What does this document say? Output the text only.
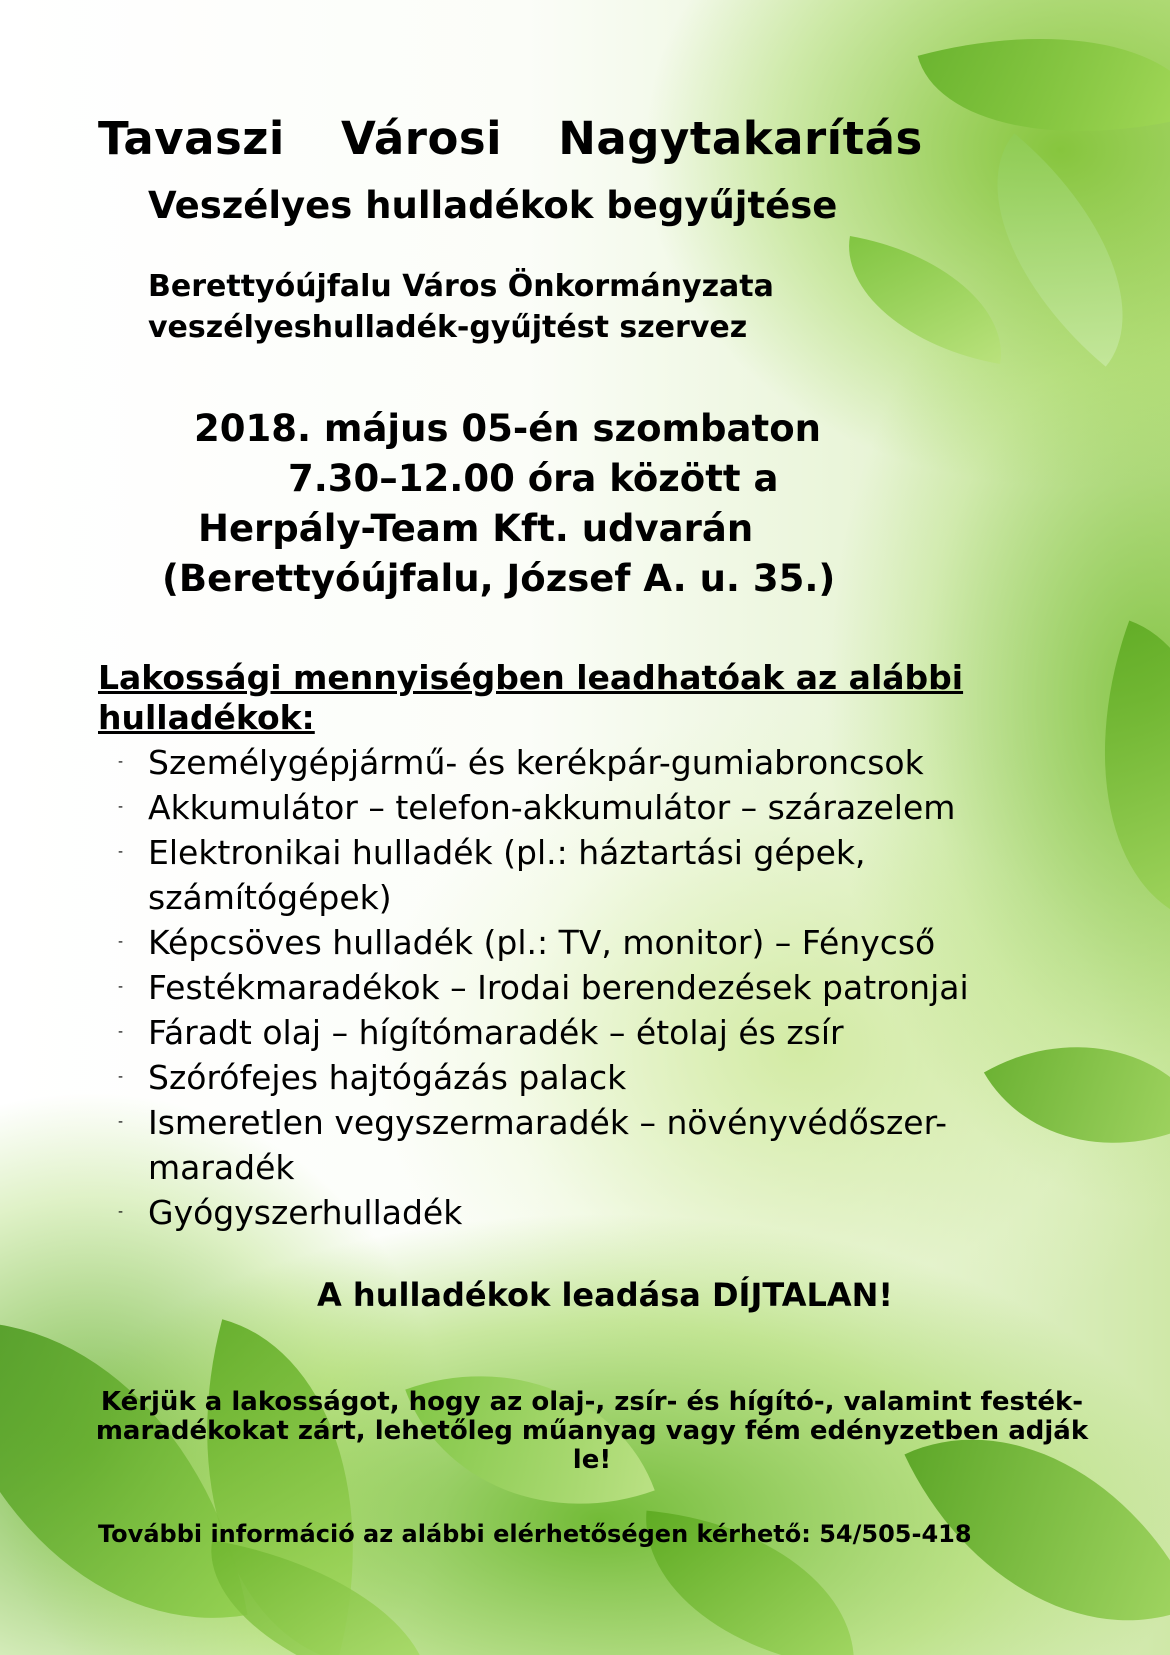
Tavaszi Városi Nagytakarítás
Veszélyes hulladékok begyűjtése
Berettyóújfalu Város Önkormányzata
veszélyeshulladék-gyűjtést szervez
2018. május 05-én szombaton
7.30–12.00 óra között a
Herpály-Team Kft. udvarán
(Berettyóújfalu, József A. u. 35.)
Lakossági mennyiségben leadhatóak az alábbi hulladékok:
- Személygépjármű- és kerékpár-gumiabroncsok
- Akkumulátor – telefon-akkumulátor – szárazelem
- Elektronikai hulladék (pl.: háztartási gépek, számítógépek)
- Képcsöves hulladék (pl.: TV, monitor) – Fénycső
- Festékmaradékok – Irodai berendezések patronjai
- Fáradt olaj – hígítómaradék – étolaj és zsír
- Szórófejes hajtógázás palack
- Ismeretlen vegyszermaradék – növényvédőszer-maradék
- Gyógyszerhulladék
A hulladékok leadása DÍJTALAN!
Kérjük a lakosságot, hogy az olaj-, zsír- és hígító-, valamint festék-maradékokat zárt, lehetőleg műanyag vagy fém edényzetben adják le!
További információ az alábbi elérhetőségen kérhető: 54/505-418
